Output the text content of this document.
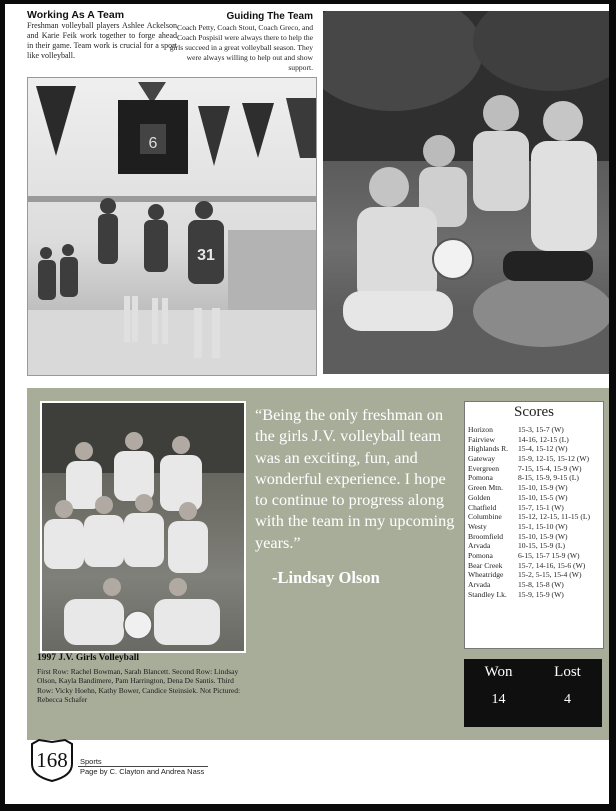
Working As A Team
Freshman volleyball players Ashlee Ackelson and Karie Feik work together to forge ahead in their game. Team work is crucial for a sport like volleyball.
Guiding The Team
Coach Petty, Coach Stout, Coach Greco, and Coach Pospisil were always there to help the girls succeed in a great volleyball season. They were always willing to help out and show support.
6
31
1997 J.V. Girls Volleyball
First Row: Rachel Bowman, Sarah Blancett. Second Row: Lindsay Olson, Kayla Bandimere, Pam Harrington, Dena De Santis. Third Row: Vicky Hoehn, Kathy Bower, Candice Steinsiek. Not Pictured: Rebecca Schafer
“Being the only freshman on the girls J.V. volleyball team was an exciting, fun, and wonderful experience. I hope to continue to progress along with the team in my upcoming years.”
-Lindsay Olson
Scores
Horizon	15-3, 15-7 (W)
Fairview	14-16, 12-15 (L)
Highlands R. 15-4, 15-12 (W)
Gateway	15-9, 12-15, 15-12 (W)
Evergreen 7-15, 15-4, 15-9 (W)
Pomona	8-15, 15-9, 9-15 (L)
Green Mtn. 15-10, 15-9 (W)
Golden	15-10, 15-5 (W)
Chatfield	15-7, 15-1 (W)
Columbine 15-12, 12-15, 11-15 (L)
Westy	15-1, 15-10 (W)
Broomfield 15-10, 15-9 (W)
Arvada	10-15, 15-9 (L)
Pomona	6-15, 15-7 15-9 (W)
Bear Creek 15-7, 14-16, 15-6 (W)
Wheatridge 15-2, 5-15, 15-4 (W)
Arvada	15-8, 15-8 (W)
Standley Lk. 15-9, 15-9 (W)
Won	Lost
14	4
168	Sports
Page by C. Clayton and Andrea Nass
